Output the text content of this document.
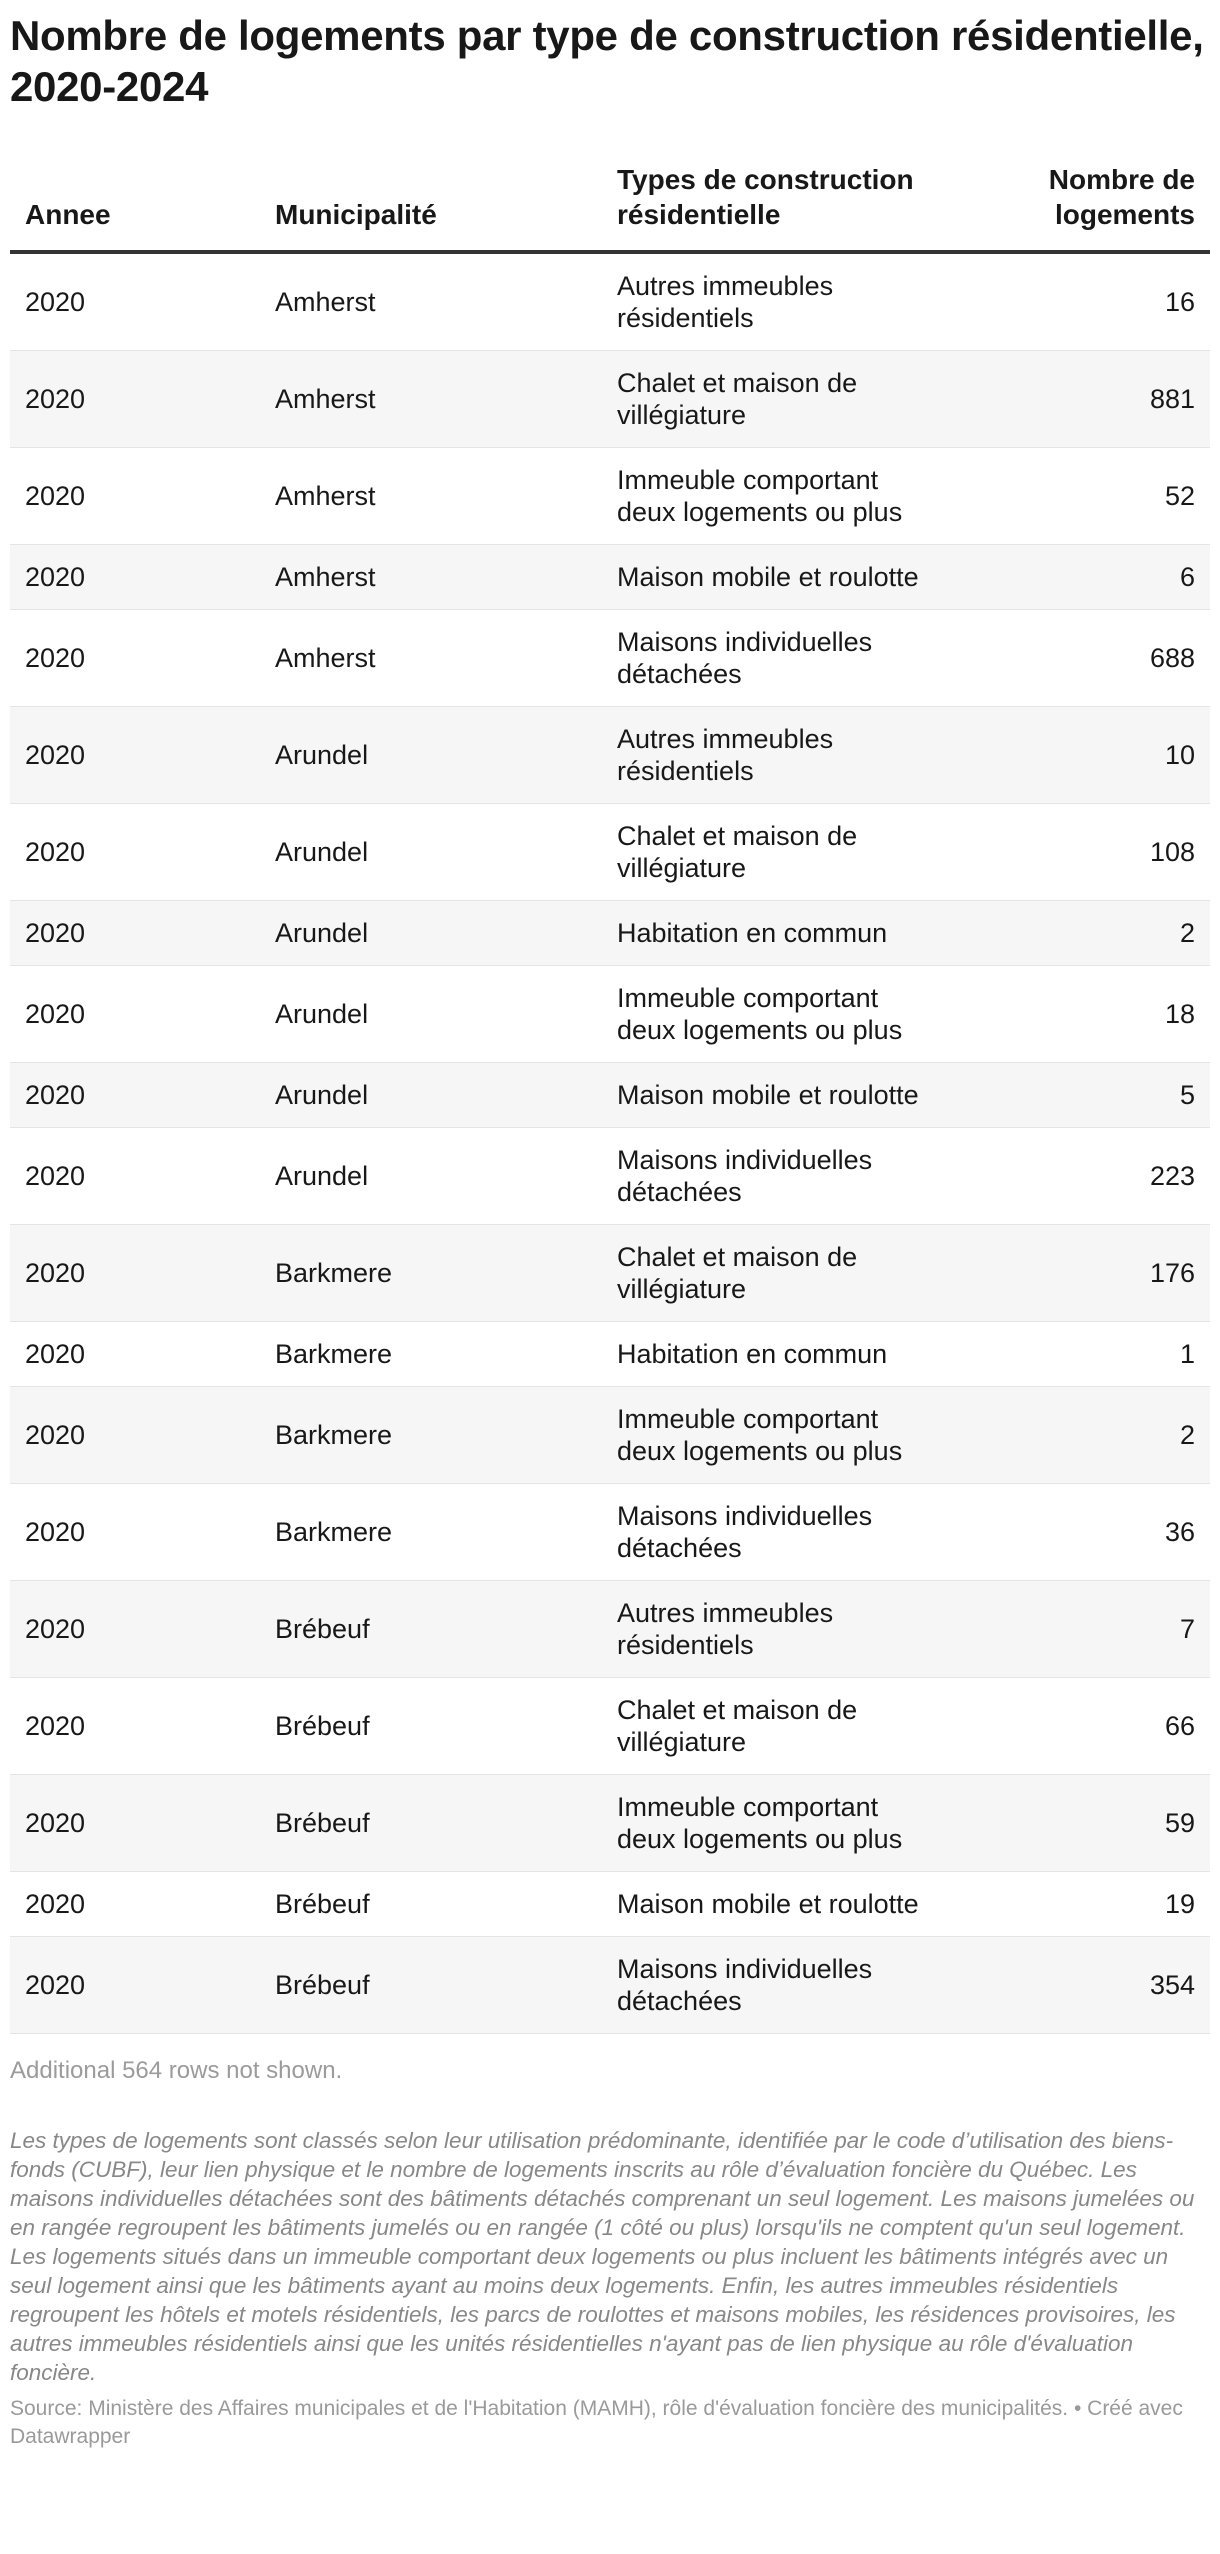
Nombre de logements par type de construction résidentielle, 2020-2024
Annee	Municipalité	Types de construction résidentielle	Nombre de logements
2020	Amherst	Autres immeubles résidentiels	16
2020	Amherst	Chalet et maison de villégiature	881
2020	Amherst	Immeuble comportant deux logements ou plus	52
2020	Amherst	Maison mobile et roulotte	6
2020	Amherst	Maisons individuelles détachées	688
2020	Arundel	Autres immeubles résidentiels	10
2020	Arundel	Chalet et maison de villégiature	108
2020	Arundel	Habitation en commun	2
2020	Arundel	Immeuble comportant deux logements ou plus	18
2020	Arundel	Maison mobile et roulotte	5
2020	Arundel	Maisons individuelles détachées	223
2020	Barkmere	Chalet et maison de villégiature	176
2020	Barkmere	Habitation en commun	1
2020	Barkmere	Immeuble comportant deux logements ou plus	2
2020	Barkmere	Maisons individuelles détachées	36
2020	Brébeuf	Autres immeubles résidentiels	7
2020	Brébeuf	Chalet et maison de villégiature	66
2020	Brébeuf	Immeuble comportant deux logements ou plus	59
2020	Brébeuf	Maison mobile et roulotte	19
2020	Brébeuf	Maisons individuelles détachées	354
Additional 564 rows not shown.
Les types de logements sont classés selon leur utilisation prédominante, identifiée par le code d’utilisation des biens-fonds (CUBF), leur lien physique et le nombre de logements inscrits au rôle d’évaluation foncière du Québec. Les maisons individuelles détachées sont des bâtiments détachés comprenant un seul logement. Les maisons jumelées ou en rangée regroupent les bâtiments jumelés ou en rangée (1 côté ou plus) lorsqu'ils ne comptent qu'un seul logement. Les logements situés dans un immeuble comportant deux logements ou plus incluent les bâtiments intégrés avec un seul logement ainsi que les bâtiments ayant au moins deux logements. Enfin, les autres immeubles résidentiels regroupent les hôtels et motels résidentiels, les parcs de roulottes et maisons mobiles, les résidences provisoires, les autres immeubles résidentiels ainsi que les unités résidentielles n'ayant pas de lien physique au rôle d'évaluation foncière.
Source: Ministère des Affaires municipales et de l'Habitation (MAMH), rôle d'évaluation foncière des municipalités. • Créé avec Datawrapper
